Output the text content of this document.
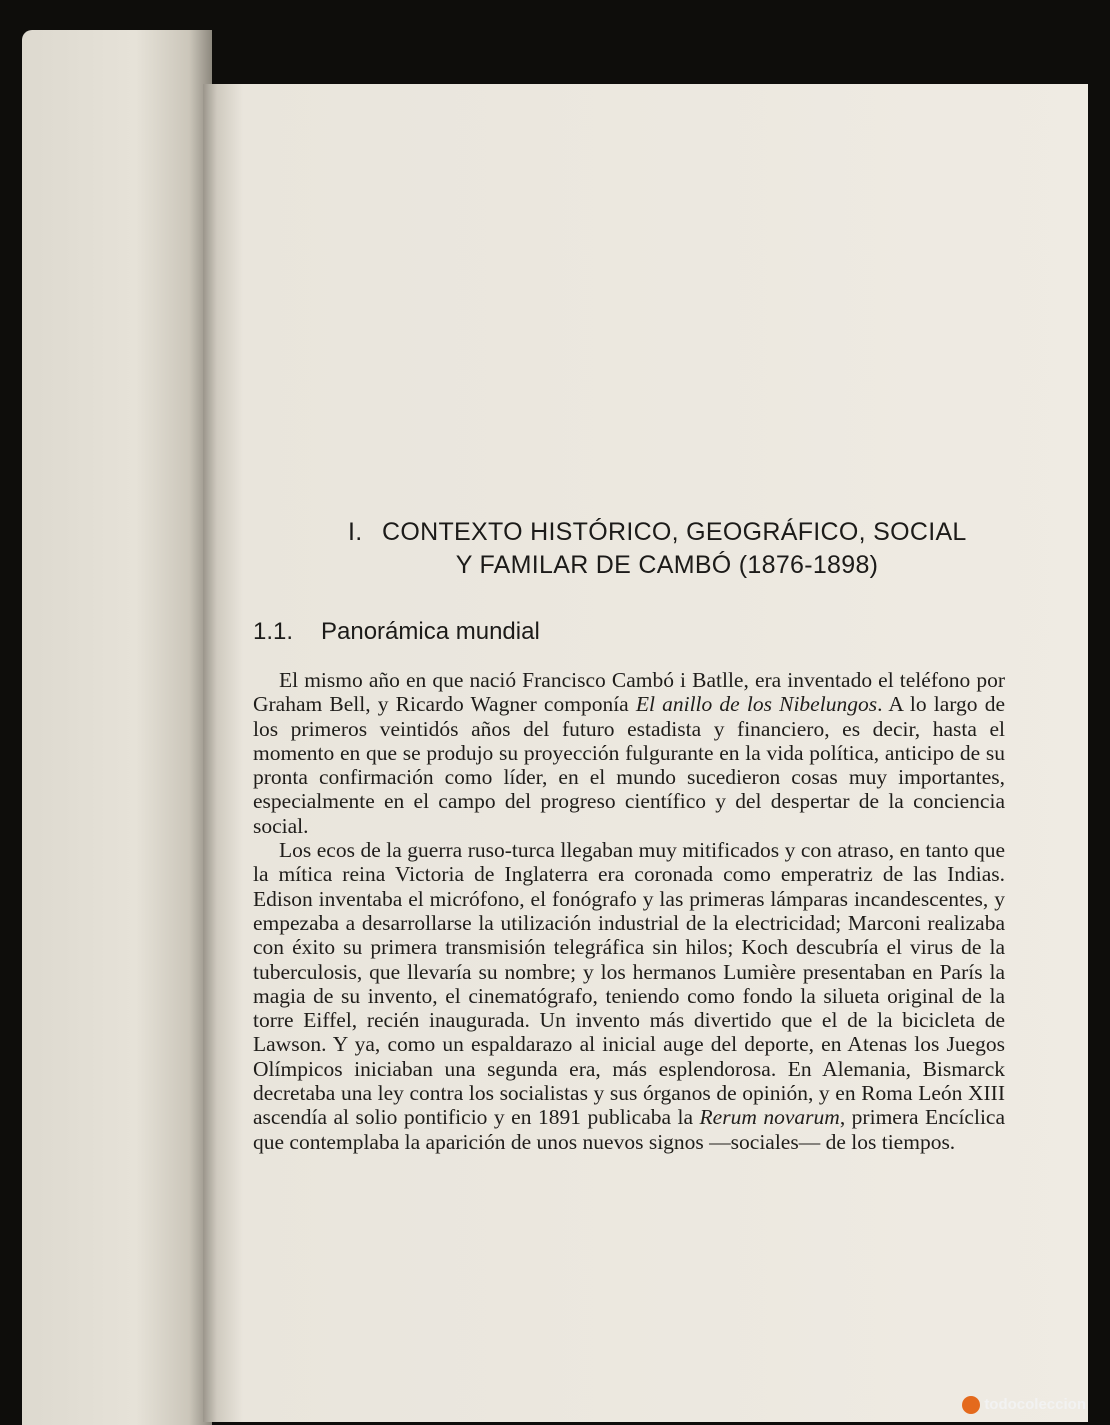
I. CONTEXTO HISTÓRICO, GEOGRÁFICO, SOCIAL
Y FAMILAR DE CAMBÓ (1876-1898)
1.1. Panorámica mundial

El mismo año en que nació Francisco Cambó i Batlle, era inventado el teléfono por Graham Bell, y Ricardo Wagner componía El anillo de los Nibelungos. A lo largo de los primeros veintidós años del futuro estadista y financiero, es decir, hasta el momento en que se produjo su proyección fulgurante en la vida política, anticipo de su pronta confirmación como líder, en el mundo sucedieron cosas muy importantes, especialmente en el campo del progreso científico y del despertar de la conciencia social.

Los ecos de la guerra ruso-turca llegaban muy mitificados y con atraso, en tanto que la mítica reina Victoria de Inglaterra era coronada como emperatriz de las Indias. Edison inventaba el micrófono, el fonógrafo y las primeras lámparas incandescentes, y empezaba a desarrollarse la utilización industrial de la electricidad; Marconi realizaba con éxito su primera transmisión telegráfica sin hilos; Koch descubría el virus de la tuberculosis, que llevaría su nombre; y los hermanos Lumière presentaban en París la magia de su invento, el cinematógrafo, teniendo como fondo la silueta original de la torre Eiffel, recién inaugurada. Un invento más divertido que el de la bicicleta de Lawson. Y ya, como un espaldarazo al inicial auge del deporte, en Atenas los Juegos Olímpicos iniciaban una segunda era, más esplendorosa. En Alemania, Bismarck decretaba una ley contra los socialistas y sus órganos de opinión, y en Roma León XIII ascendía al solio pontificio y en 1891 publicaba la Rerum novarum, primera Encíclica que contemplaba la aparición de unos nuevos signos —sociales— de los tiempos.

todocoleccion
